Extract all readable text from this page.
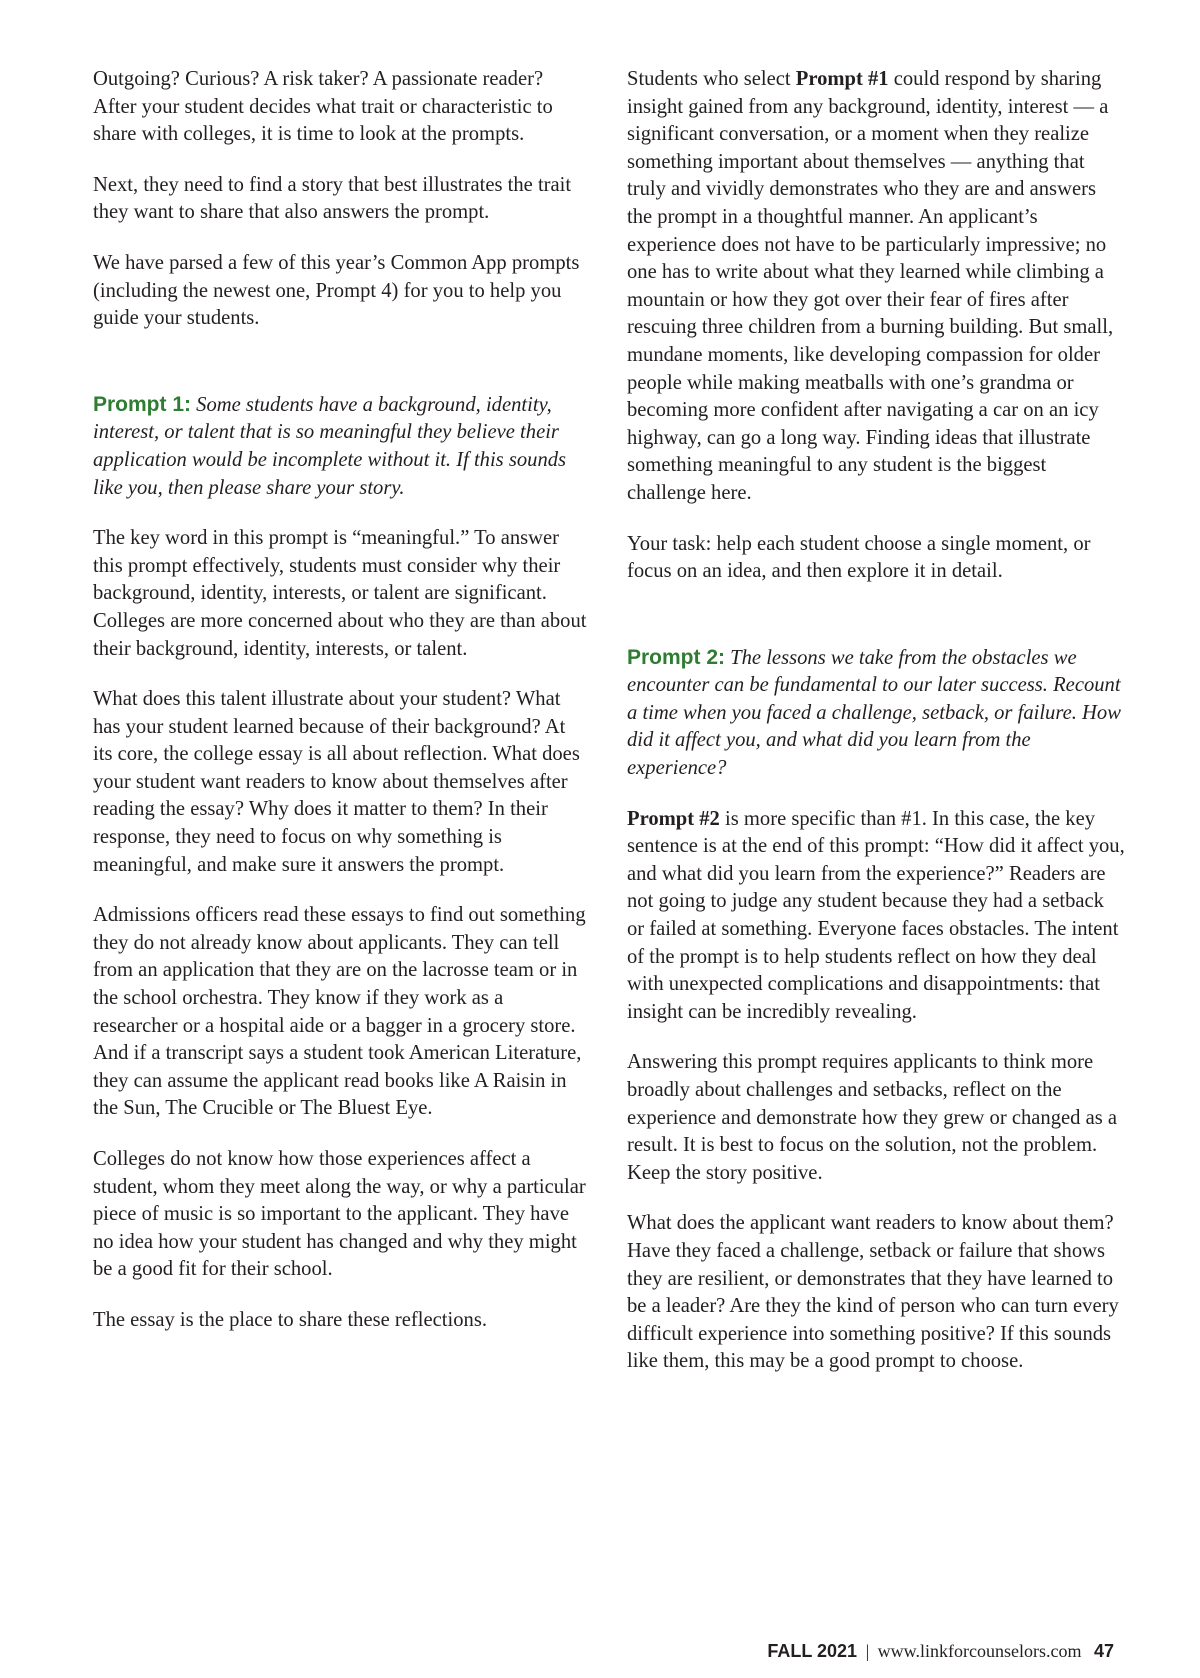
Outgoing? Curious? A risk taker? A passionate reader? After your student decides what trait or characteristic to share with colleges, it is time to look at the prompts.

Next, they need to find a story that best illustrates the trait they want to share that also answers the prompt.

We have parsed a few of this year’s Common App prompts (including the newest one, Prompt 4) for you to help you guide your students.

Prompt 1: Some students have a background, identity, interest, or talent that is so meaningful they believe their application would be incomplete without it. If this sounds like you, then please share your story.

The key word in this prompt is “meaningful.” To answer this prompt effectively, students must consider why their background, identity, interests, or talent are significant. Colleges are more concerned about who they are than about their background, identity, interests, or talent.

What does this talent illustrate about your student? What has your student learned because of their background? At its core, the college essay is all about reflection. What does your student want readers to know about themselves after reading the essay? Why does it matter to them? In their response, they need to focus on why something is meaningful, and make sure it answers the prompt.

Admissions officers read these essays to find out something they do not already know about applicants. They can tell from an application that they are on the lacrosse team or in the school orchestra. They know if they work as a researcher or a hospital aide or a bagger in a grocery store. And if a transcript says a student took American Literature, they can assume the applicant read books like A Raisin in the Sun, The Crucible or The Bluest Eye.

Colleges do not know how those experiences affect a student, whom they meet along the way, or why a particular piece of music is so important to the applicant. They have no idea how your student has changed and why they might be a good fit for their school.

The essay is the place to share these reflections.

Students who select Prompt #1 could respond by sharing insight gained from any background, identity, interest — a significant conversation, or a moment when they realize something important about themselves — anything that truly and vividly demonstrates who they are and answers the prompt in a thoughtful manner. An applicant’s experience does not have to be particularly impressive; no one has to write about what they learned while climbing a mountain or how they got over their fear of fires after rescuing three children from a burning building. But small, mundane moments, like developing compassion for older people while making meatballs with one’s grandma or becoming more confident after navigating a car on an icy highway, can go a long way. Finding ideas that illustrate something meaningful to any student is the biggest challenge here.

Your task: help each student choose a single moment, or focus on an idea, and then explore it in detail.

Prompt 2: The lessons we take from the obstacles we encounter can be fundamental to our later success. Recount a time when you faced a challenge, setback, or failure. How did it affect you, and what did you learn from the experience?

Prompt #2 is more specific than #1. In this case, the key sentence is at the end of this prompt: “How did it affect you, and what did you learn from the experience?” Readers are not going to judge any student because they had a setback or failed at something. Everyone faces obstacles. The intent of the prompt is to help students reflect on how they deal with unexpected complications and disappointments: that insight can be incredibly revealing.

Answering this prompt requires applicants to think more broadly about challenges and setbacks, reflect on the experience and demonstrate how they grew or changed as a result. It is best to focus on the solution, not the problem. Keep the story positive.

What does the applicant want readers to know about them? Have they faced a challenge, setback or failure that shows they are resilient, or demonstrates that they have learned to be a leader? Are they the kind of person who can turn every difficult experience into something positive? If this sounds like them, this may be a good prompt to choose.

FALL 2021 | www.linkforcounselors.com 47
